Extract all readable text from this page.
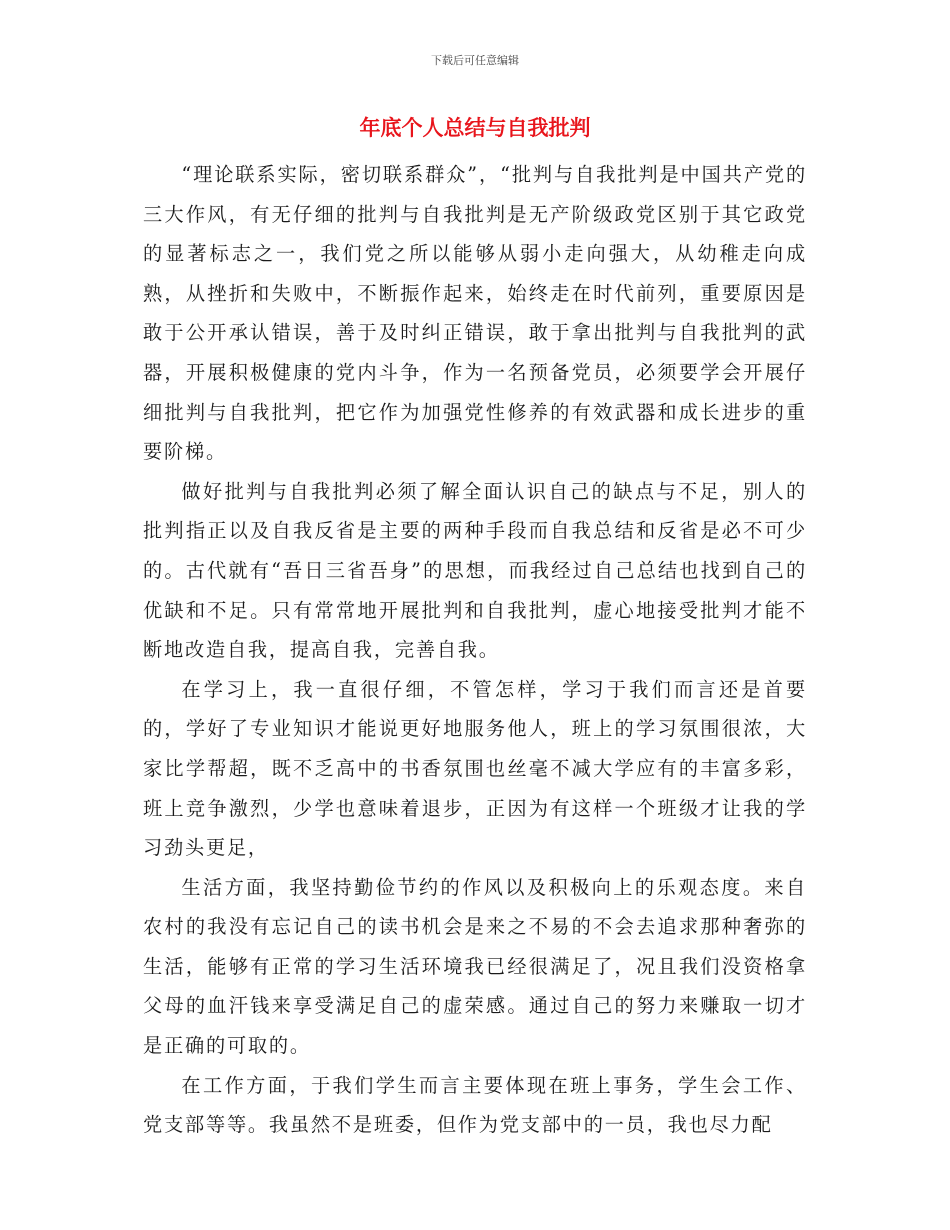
下载后可任意编辑
年底个人总结与自我批判

“理论联系实际，密切联系群众”，“批判与自我批判是中国共产党的三大作风，有无仔细的批判与自我批判是无产阶级政党区别于其它政党的显著标志之一，我们党之所以能够从弱小走向强大，从幼稚走向成熟，从挫折和失败中，不断振作起来，始终走在时代前列，重要原因是敢于公开承认错误，善于及时纠正错误，敢于拿出批判与自我批判的武器，开展积极健康的党内斗争，作为一名预备党员，必须要学会开展仔细批判与自我批判，把它作为加强党性修养的有效武器和成长进步的重要阶梯。

做好批判与自我批判必须了解全面认识自己的缺点与不足，别人的批判指正以及自我反省是主要的两种手段而自我总结和反省是必不可少的。古代就有“吾日三省吾身”的思想，而我经过自己总结也找到自己的优缺和不足。只有常常地开展批判和自我批判，虚心地接受批判才能不断地改造自我，提高自我，完善自我。

在学习上，我一直很仔细，不管怎样，学习于我们而言还是首要的，学好了专业知识才能说更好地服务他人，班上的学习氛围很浓，大家比学帮超，既不乏高中的书香氛围也丝毫不减大学应有的丰富多彩，班上竞争激烈，少学也意味着退步，正因为有这样一个班级才让我的学习劲头更足，

生活方面，我坚持勤俭节约的作风以及积极向上的乐观态度。来自农村的我没有忘记自己的读书机会是来之不易的不会去追求那种奢弥的生活，能够有正常的学习生活环境我已经很满足了，况且我们没资格拿父母的血汗钱来享受满足自己的虚荣感。通过自己的努力来赚取一切才是正确的可取的。

在工作方面，于我们学生而言主要体现在班上事务，学生会工作、党支部等等。我虽然不是班委，但作为党支部中的一员，我也尽力配
